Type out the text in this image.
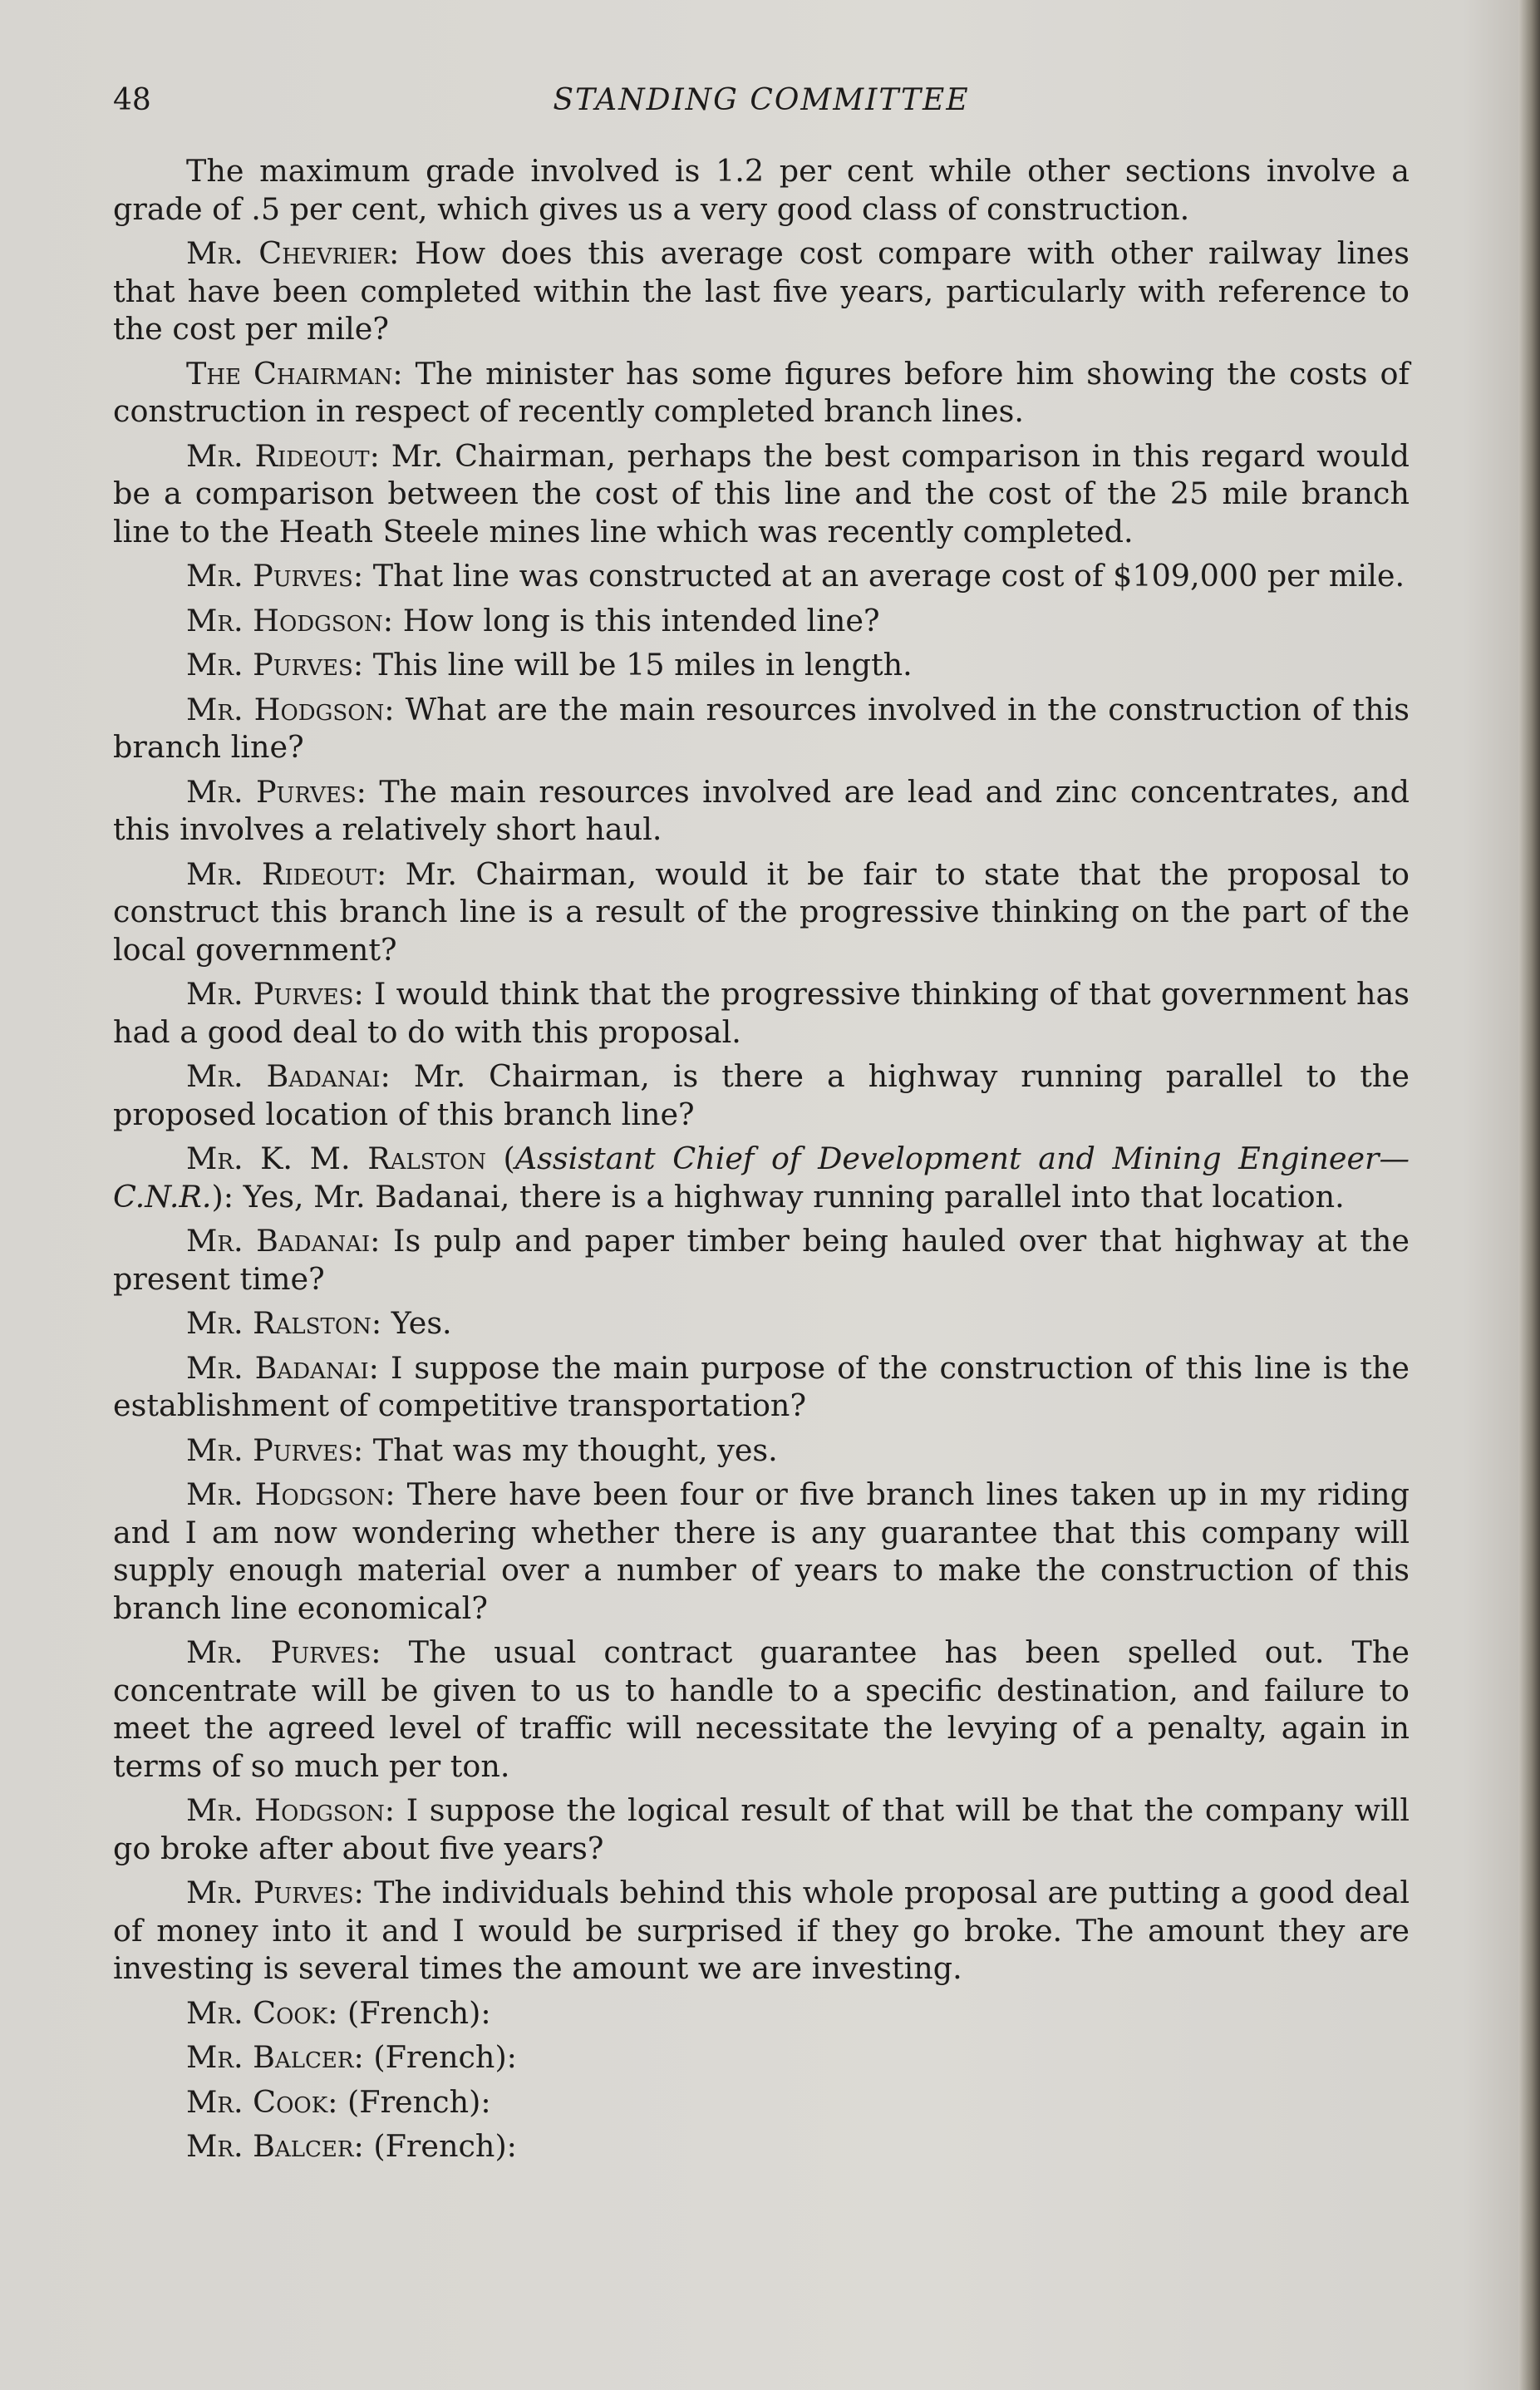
48	STANDING COMMITTEE

The maximum grade involved is 1.2 per cent while other sections involve a grade of .5 per cent, which gives us a very good class of construction.

Mr. Chevrier: How does this average cost compare with other railway lines that have been completed within the last five years, particularly with reference to the cost per mile?

The Chairman: The minister has some figures before him showing the costs of construction in respect of recently completed branch lines.

Mr. Rideout: Mr. Chairman, perhaps the best comparison in this regard would be a comparison between the cost of this line and the cost of the 25 mile branch line to the Heath Steele mines line which was recently completed.

Mr. Purves: That line was constructed at an average cost of $109,000 per mile.

Mr. Hodgson: How long is this intended line?

Mr. Purves: This line will be 15 miles in length.

Mr. Hodgson: What are the main resources involved in the construction of this branch line?

Mr. Purves: The main resources involved are lead and zinc concentrates, and this involves a relatively short haul.

Mr. Rideout: Mr. Chairman, would it be fair to state that the proposal to construct this branch line is a result of the progressive thinking on the part of the local government?

Mr. Purves: I would think that the progressive thinking of that government has had a good deal to do with this proposal.

Mr. Badanai: Mr. Chairman, is there a highway running parallel to the proposed location of this branch line?

Mr. K. M. Ralston (Assistant Chief of Development and Mining Engineer— C.N.R.): Yes, Mr. Badanai, there is a highway running parallel into that location.

Mr. Badanai: Is pulp and paper timber being hauled over that highway at the present time?

Mr. Ralston: Yes.

Mr. Badanai: I suppose the main purpose of the construction of this line is the establishment of competitive transportation?

Mr. Purves: That was my thought, yes.

Mr. Hodgson: There have been four or five branch lines taken up in my riding and I am now wondering whether there is any guarantee that this company will supply enough material over a number of years to make the construction of this branch line economical?

Mr. Purves: The usual contract guarantee has been spelled out. The concentrate will be given to us to handle to a specific destination, and failure to meet the agreed level of traffic will necessitate the levying of a penalty, again in terms of so much per ton.

Mr. Hodgson: I suppose the logical result of that will be that the company will go broke after about five years?

Mr. Purves: The individuals behind this whole proposal are putting a good deal of money into it and I would be surprised if they go broke. The amount they are investing is several times the amount we are investing.

Mr. Cook: (French):

Mr. Balcer: (French):

Mr. Cook: (French):

Mr. Balcer: (French):
